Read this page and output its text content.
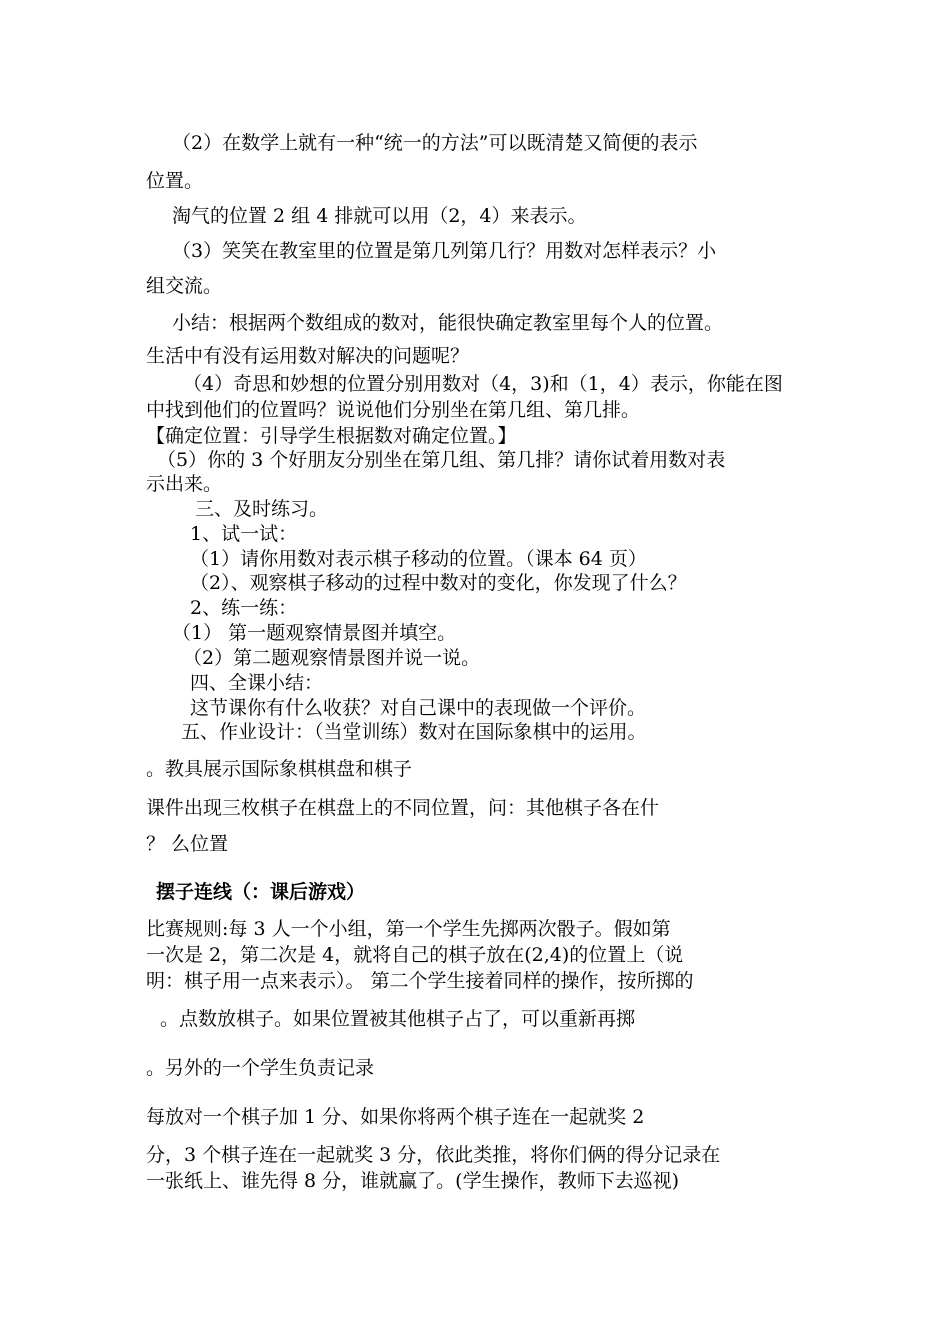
（2）在数学上就有一种“统一的方法”可以既清楚又简便的表示
位置。
淘气的位置 2 组 4 排就可以用（2，4）来表示。
（3）笑笑在教室里的位置是第几列第几行？用数对怎样表示？小
组交流。
小结：根据两个数组成的数对，能很快确定教室里每个人的位置。
生活中有没有运用数对解决的问题呢？
（4）奇思和妙想的位置分别用数对（4，3)和（1，4）表示，你能在图
中找到他们的位置吗？说说他们分别坐在第几组、第几排。
【确定位置：引导学生根据数对确定位置。】
（5）你的 3 个好朋友分别坐在第几组、第几排？请你试着用数对表
示出来。
三、及时练习。
1、试一试：
（1）请你用数对表示棋子移动的位置。（课本 64 页）
（2）、观察棋子移动的过程中数对的变化，你发现了什么？
2、练一练：
（1） 第一题观察情景图并填空。
（2）第二题观察情景图并说一说。
四、全课小结：
这节课你有什么收获？对自己课中的表现做一个评价。
五、作业设计：（当堂训练）数对在国际象棋中的运用。
。教具展示国际象棋棋盘和棋子
课件出现三枚棋子在棋盘上的不同位置，问：其他棋子各在什
？ 么位置
摆子连线（：课后游戏）
比赛规则:每 3 人一个小组，第一个学生先掷两次骰子。假如第
一次是 2，第二次是 4，就将自己的棋子放在(2,4)的位置上（说
明：棋子用一点来表示）。 第二个学生接着同样的操作，按所掷的
。点数放棋子。如果位置被其他棋子占了，可以重新再掷
。另外的一个学生负责记录
每放对一个棋子加 1 分、如果你将两个棋子连在一起就奖 2
分，3 个棋子连在一起就奖 3 分，依此类推，将你们俩的得分记录在
一张纸上、谁先得 8 分，谁就赢了。(学生操作，教师下去巡视)
